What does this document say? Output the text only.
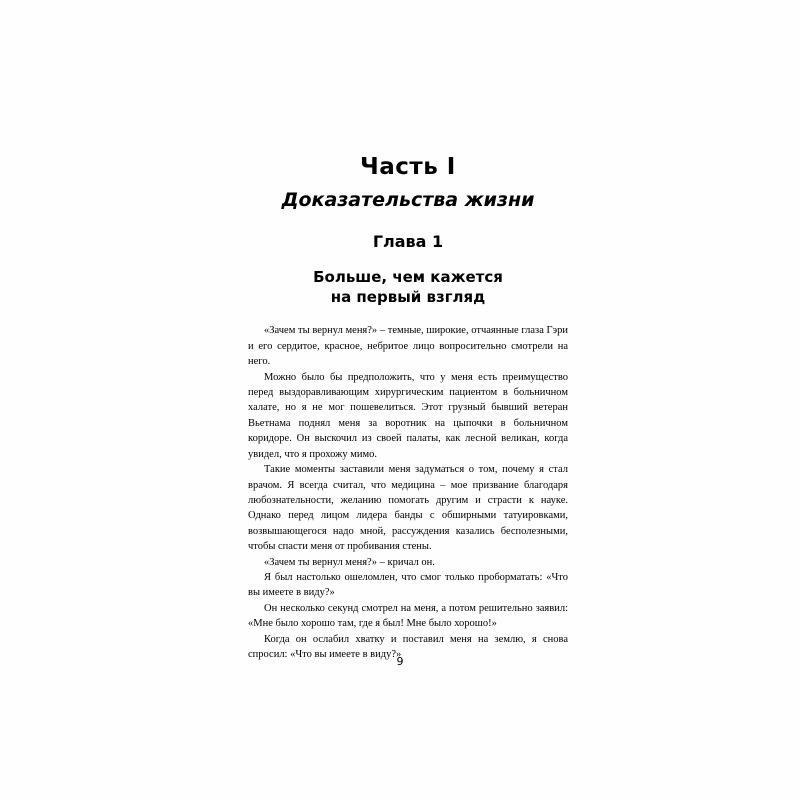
Часть I
Доказательства жизни
Глава 1
Больше, чем кажется
на первый взгляд

«Зачем ты вернул меня?» – темные, широкие, отчаянные глаза Гэри и его сердитое, красное, небритое лицо вопросительно смотрели на него.

Можно было бы предположить, что у меня есть преимущество перед выздоравливающим хирургическим пациентом в больничном халате, но я не мог пошевелиться. Этот грузный бывший ветеран Вьетнама поднял меня за воротник на цыпочки в больничном коридоре. Он выскочил из своей палаты, как лесной великан, когда увидел, что я прохожу мимо.

Такие моменты заставили меня задуматься о том, почему я стал врачом. Я всегда считал, что медицина – мое призвание благодаря любознательности, желанию помогать другим и страсти к науке. Однако перед лицом лидера банды с обширными татуировками, возвышающегося надо мной, рассуждения казались бесполезными, чтобы спасти меня от пробивания стены.

«Зачем ты вернул меня?» – кричал он.

Я был настолько ошеломлен, что смог только проборматать: «Что вы имеете в виду?»

Он несколько секунд смотрел на меня, а потом решительно заявил: «Мне было хорошо там, где я был! Мне было хорошо!»

Когда он ослабил хватку и поставил меня на землю, я снова спросил: «Что вы имеете в виду?»

9
